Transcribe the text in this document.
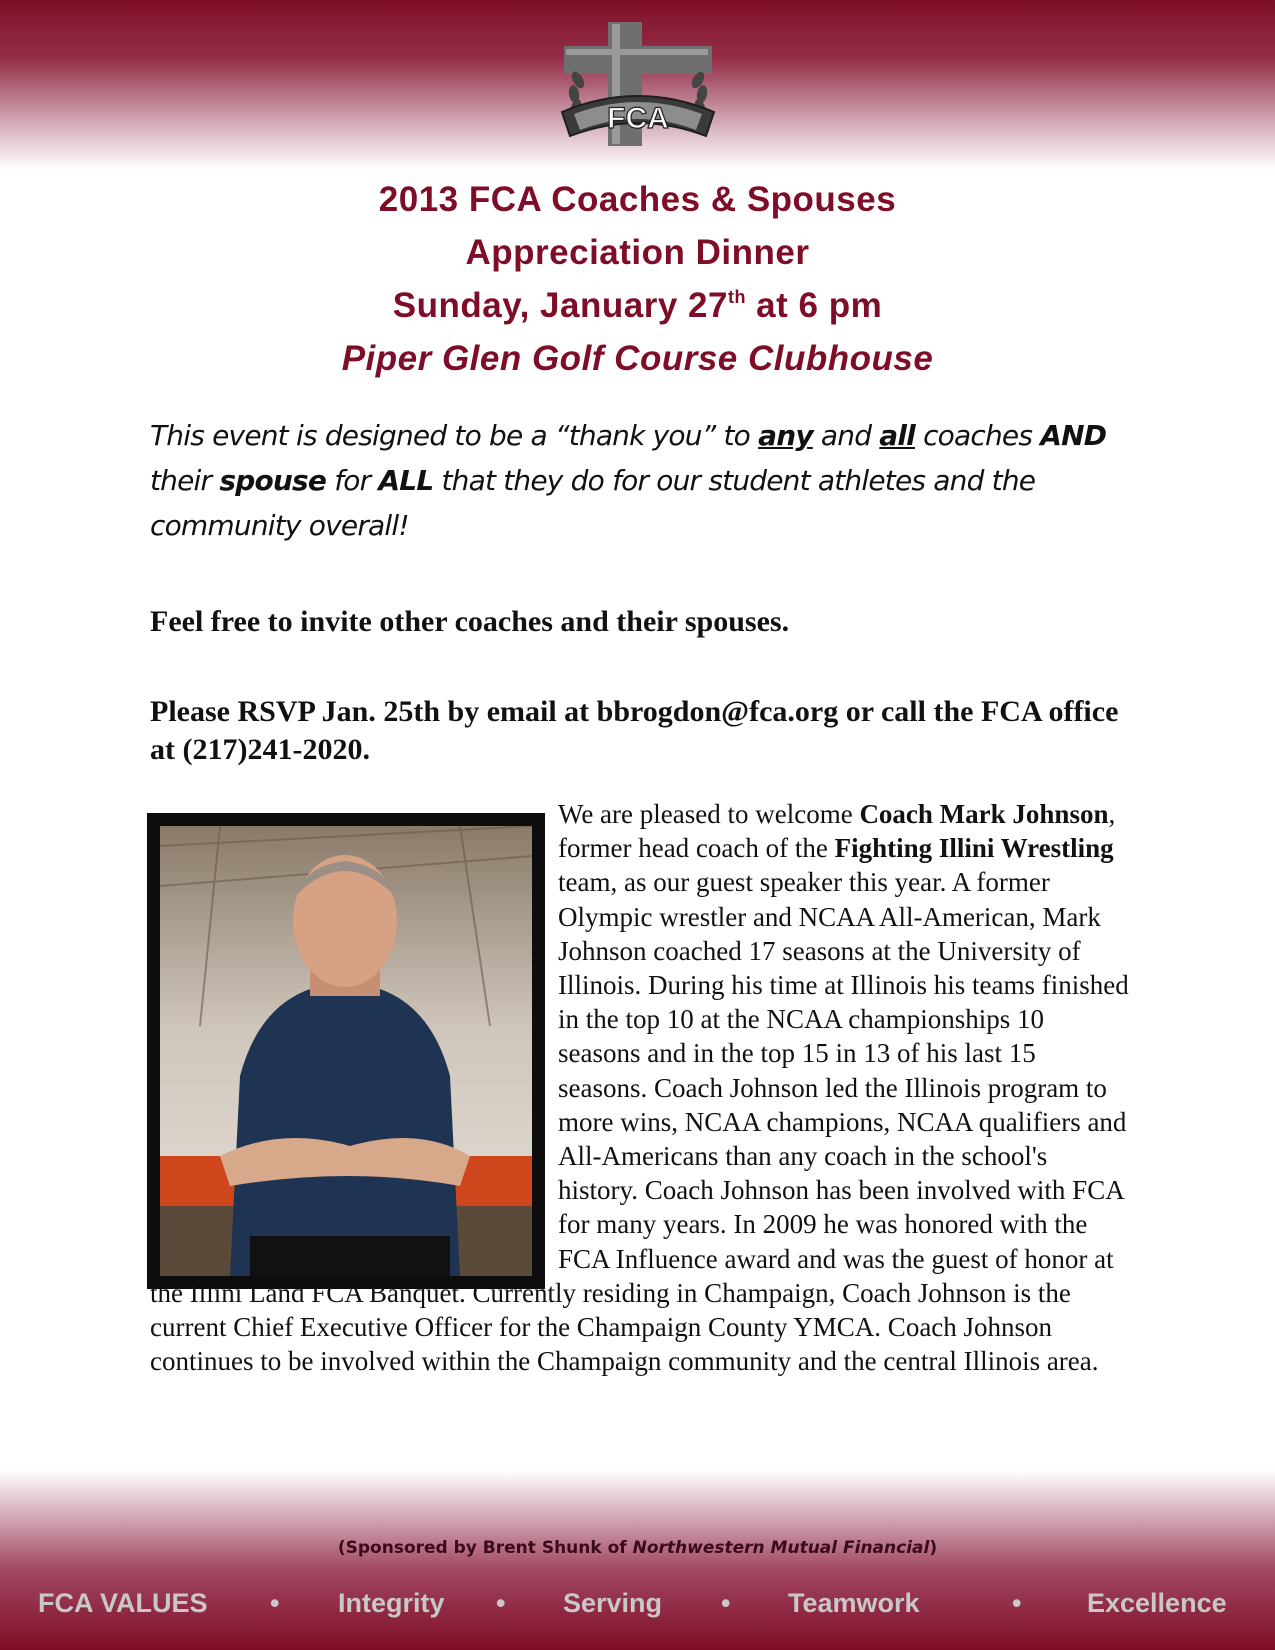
FCA
2013 FCA Coaches & Spouses
Appreciation Dinner
Sunday, January 27th at 6 pm
Piper Glen Golf Course Clubhouse
This event is designed to be a “thank you” to any and all coaches AND their spouse for ALL that they do for our student athletes and the community overall!
Feel free to invite other coaches and their spouses.
Please RSVP Jan. 25th by email at bbrogdon@fca.org or call the FCA office at (217)241-2020.
We are pleased to welcome Coach Mark Johnson, former head coach of the Fighting Illini Wrestling team, as our guest speaker this year. A former Olympic wrestler and NCAA All-American, Mark Johnson coached 17 seasons at the University of Illinois. During his time at Illinois his teams finished in the top 10 at the NCAA championships 10 seasons and in the top 15 in 13 of his last 15 seasons. Coach Johnson led the Illinois program to more wins, NCAA champions, NCAA qualifiers and All-Americans than any coach in the school's history. Coach Johnson has been involved with FCA for many years. In 2009 he was honored with the FCA Influence award and was the guest of honor at the Illini Land FCA Banquet. Currently residing in Champaign, Coach Johnson is the current Chief Executive Officer for the Champaign County YMCA. Coach Johnson continues to be involved within the Champaign community and the central Illinois area.
(Sponsored by Brent Shunk of Northwestern Mutual Financial)
FCA VALUES • Integrity • Serving • Teamwork	• Excellence
